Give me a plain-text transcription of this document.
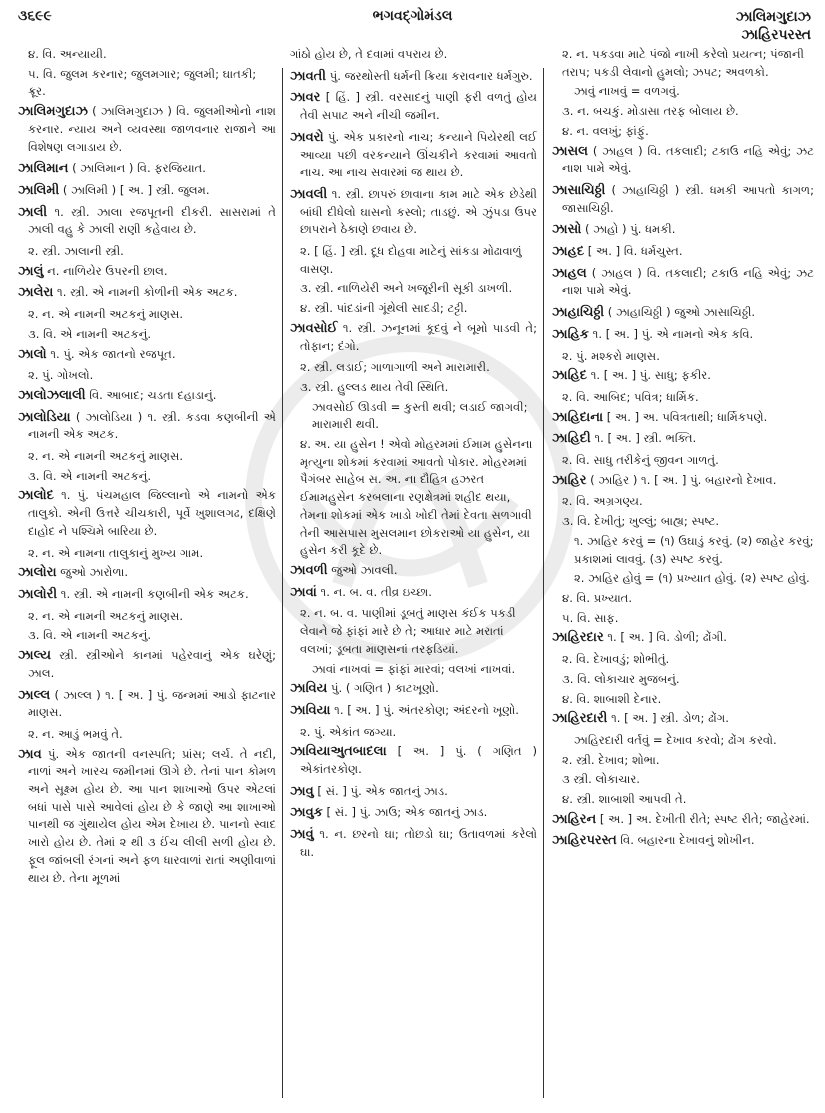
ભગવદ્ગોમંડલ
૩૬૯૯	ઝાલિમગુદાઝ
ઝાહિરપરસ્ત
૪. વિ. અન્યાયી.
૫. વિ. જુલમ કરનાર; જુલમગાર; જુલમી; ઘાતકી; ક્રૂર.
ઝાલિમગુદાઝ ( ઝાલિમગુદાઝ ) વિ. જુલમીઓનો નાશ કરનાર. ન્યાય અને વ્યવસ્થા જાળવનાર રાજાને આ વિશેષણ લગાડાય છે.
ઝાલિમાન ( ઝાલિમાન ) વિ. ફરજિયાત.
ઝાલિમી ( ઝાલિમી ) [ અ. ] સ્ત્રી. જુલમ.
ઝાલી ૧. સ્ત્રી. ઝાલા રજપૂતની દીકરી. સાસરામાં તે ઝાલી વહુ કે ઝાલી રાણી કહેવાય છે.
૨. સ્ત્રી. ઝાલાની સ્ત્રી.
ઝાલું ન. નાળિયેર ઉપરની છાલ.
ઝાલેરા ૧. સ્ત્રી. એ નામની કોળીની એક અટક.
૨. ન. એ નામની અટકનું માણસ.
૩. વિ. એ નામની અટકનું.
ઝાલો ૧. પું. એક જાતનો રજપૂત.
૨. પું. ગોખલો.
ઝાલોઝલાલી વિ. આબાદ; ચડતા દહાડાનું.
ઝાલોડિયા ( ઝાલોડિયા ) ૧. સ્ત્રી. કડવા કણબીની એ નામની એક અટક.
૨. ન. એ નામની અટકનું માણસ.
૩. વિ. એ નામની અટકનું.
ઝાલોદ ૧. પું. પંચમહાલ જિલ્લાનો એ નામનો એક તાલુકો. એની ઉત્તરે ચીચકારી, પૂર્વે ખુશાલગઢ, દક્ષિણે દાહોદ ને પશ્ચિમે બારિયા છે.
૨. ન. એ નામના તાલુકાનું મુખ્ય ગામ.
ઝાલોરા જુઓ ઝારોળા.
ઝાલોરી ૧. સ્ત્રી. એ નામની કણબીની એક અટક.
૨. ન. એ નામની અટકનું માણસ.
૩. વિ. એ નામની અટકનું.
ઝાલ્ય સ્ત્રી. સ્ત્રીઓને કાનમાં પહેરવાનું એક ઘરેણું; ઝાલ.
ઝાલ્લ ( ઝાલ્લ ) ૧. [ અ. ] પું. જન્મમાં આડો ફાટનાર માણસ.
૨. ન. આડું ભમવું તે.
ઝાવ પું. એક જાતની વનસ્પતિ; પ્રાંસ; લર્ચ. તે નદી, નાળાં અને ખારચ જમીનમાં ઊગે છે. તેનાં પાન કોમળ અને સૂક્ષ્મ હોય છે. આ પાન શાખાઓ ઉપર એટલાં બધાં પાસે પાસે આવેલાં હોય છે કે જાણે આ શાખાઓ પાનથી જ ગુંથાયેલ હોય એમ દેખાય છે. પાનનો સ્વાદ ખારો હોય છે. તેમાં ૨ થી ૩ ઈંચ લીલી સળી હોય છે. ફૂલ જાંબલી રંગનાં અને ફળ ધારવાળાં રાતાં અણીવાળાં થાય છે. તેના મૂળમાં
ગાંઠો હોય છે, તે દવામાં વપરાય છે.
ઝાવતી પું. જરથોસ્તી ધર્મની ક્રિયા કરાવનાર ધર્મગુરુ.
ઝાવર [ હિં. ] સ્ત્રી. વરસાદનું પાણી ફરી વળતું હોય તેવી સપાટ અને નીચી જમીન.
ઝાવરો પું. એક પ્રકારનો નાચ; કન્યાને પિયેરથી લઈ આવ્યા પછી વરકન્યાને ઊંચકીને કરવામાં આવતો નાચ. આ નાચ સવારમાં જ થાય છે.
ઝાવલી ૧. સ્ત્રી. છાપરું છાવાના કામ માટે એક છેડેથી બાંધી દીધેલો ઘાસનો કસ્લો; તાડછું. એ ઝુંપડા ઉપર છાપરાને ઠેકાણે છવાય છે.
૨. [ હિં. ] સ્ત્રી. દૂધ દોહવા માટેનું સાંકડા મોઢાવાળું વાસણ.
૩. સ્ત્રી. નાળિયેરી અને ખજૂરીની સૂકી ડાખળી.
૪. સ્ત્રી. પાંદડાંની ગૂંથેલી સાદડી; ટટ્ટી.
ઝાવસોઈ ૧. સ્ત્રી. ઝનૂનમાં કૂદવું ને બૂમો પાડવી તે; તોફાન; દંગો.
૨. સ્ત્રી. લડાઈ; ગાળાગાળી અને મારામારી.
૩. સ્ત્રી. હુલ્લડ થાય તેવી સ્થિતિ.
ઝાવસોઈ ઊડવી = કુસ્તી થવી; લડાઈ જાગવી; મારામારી થવી.
૪. અ. યા હુસેન ! એવો મોહરમમાં ઈમામ હુસેનના મૃત્યુના શોકમાં કરવામાં આવતો પોકાર. મોહરમમાં પૈગંબર સાહેબ સ. અ. ના દૌહિત્ર હઝરત ઈમામહુસેન કરબલાના રણક્ષેત્રમાં શહીદ થયા, તેમના શોકમાં એક ખાડો ખોદી તેમાં દેવતા સળગાવી તેની આસપાસ મુસલમાન છોકરાઓ યા હુસેન, યા હુસેન કરી કૂદે છે.
ઝાવળી જુઓ ઝાવલી.
ઝાવાં ૧. ન. બ. વ. તીવ્ર ઇચ્છા.
૨. ન. બ. વ. પાણીમાં ડૂબતું માણસ કંઈક પકડી લેવાને જે ફાંફાં મારે છે તે; આધાર માટે મરાતાં વલખાં; ડૂબતા માણસનાં તરફડિયાં.
ઝાવાં નાખવાં = ફાંફાં મારવાં; વલખાં નાખવાં.
ઝાવિય પું. ( ગણિત ) કાટખૂણો.
ઝાવિયા ૧. [ અ. ] પું. અંતરકોણ; અંદરનો ખૂણો.
૨. પું. એકાંત જગ્યા.
ઝાવિયાઅુતબાદલા [ અ. ] પું. ( ગણિત ) એકાંતરકોણ.
ઝાવુ [ સં. ] પું. એક જાતનું ઝાડ.
ઝાવુક [ સં. ] પું. ઝાઉ; એક જાતનું ઝાડ.
ઝાવું ૧. ન. છરનો ઘા; તોછડો ઘા; ઉતાવળમાં કરેલો ઘા.
૨. ન. પકડવા માટે પંજો નાખી કરેલો પ્રયત્ન; પંજાની તરાપ; પકડી લેવાનો હુમલો; ઝપટ; અવળકો.
ઝાવું નાખવું = વળગવું.
૩. ન. બચકું. મોડાસા તરફ બોલાય છે.
૪. ન. વલખું; ફાંફું.
ઝાસલ ( ઝાહલ ) વિ. તકલાદી; ટકાઉ નહિ એવું; ઝટ નાશ પામે એવું.
ઝાસાચિઠ્ઠી ( ઝાહાચિઠ્ઠી ) સ્ત્રી. ધમકી આપતો કાગળ; જાસાચિઠ્ઠી.
ઝાસો ( ઝાહો ) પું. ધમકી.
ઝાહદ [ અ. ] વિ. ધર્મચુસ્ત.
ઝાહલ ( ઝાહલ ) વિ. તકલાદી; ટકાઉ નહિ એવું; ઝટ નાશ પામે એવું.
ઝાહાચિઠ્ઠી ( ઝાહાચિઠ્ઠી ) જુઓ ઝાસાચિઠ્ઠી.
ઝાહિક ૧. [ અ. ] પું. એ નામનો એક કવિ.
૨. પું. મશ્કરો માણસ.
ઝાહિદ ૧. [ અ. ] પું. સાધુ; ફકીર.
૨. વિ. આબિદ; પવિત્ર; ધાર્મિક.
ઝાહિદાના [ અ. ] અ. પવિત્રતાથી; ધાર્મિકપણે.
ઝાહિદી ૧. [ અ. ] સ્ત્રી. ભક્તિ.
૨. વિ. સાધુ તરીકેનું જીવન ગાળતું.
ઝાહિર ( ઝાહિર ) ૧. [ અ. ] પું. બહારનો દેખાવ.
૨. વિ. અગ્રગણ્ય.
૩. વિ. દેખીતું; ખુલ્લું; બાહ્ય; સ્પષ્ટ.
૧. ઝાહિર કરવું = (૧) ઉઘાડું કરવું. (૨) જાહેર કરવું; પ્રકાશમાં લાવવું. (૩) સ્પષ્ટ કરવું.
૨. ઝાહિર હોવું = (૧) પ્રખ્યાત હોવું. (૨) સ્પષ્ટ હોવું.
૪. વિ. પ્રખ્યાત.
૫. વિ. સાફ.
ઝાહિરદાર ૧. [ અ. ] વિ. ડોળી; ઢોંગી.
૨. વિ. દેખાવડું; શોભીતું.
૩. વિ. લોકાચાર મુજબનું.
૪. વિ. શાબાશી દેનાર.
ઝાહિરદારી ૧. [ અ. ] સ્ત્રી. ડોળ; ઢોંગ.
ઝાહિરદારી વર્તવું = દેખાવ કરવો; ઢોંગ કરવો.
૨. સ્ત્રી. દેખાવ; શોભા.
૩ સ્ત્રી. લોકાચાર.
૪. સ્ત્રી. શાબાશી આપવી તે.
ઝાહિરન [ અ. ] અ. દેખીતી રીતે; સ્પષ્ટ રીતે; જાહેરમાં.
ઝાહિરપરસ્ત વિ. બહારના દેખાવનું શોખીન.
